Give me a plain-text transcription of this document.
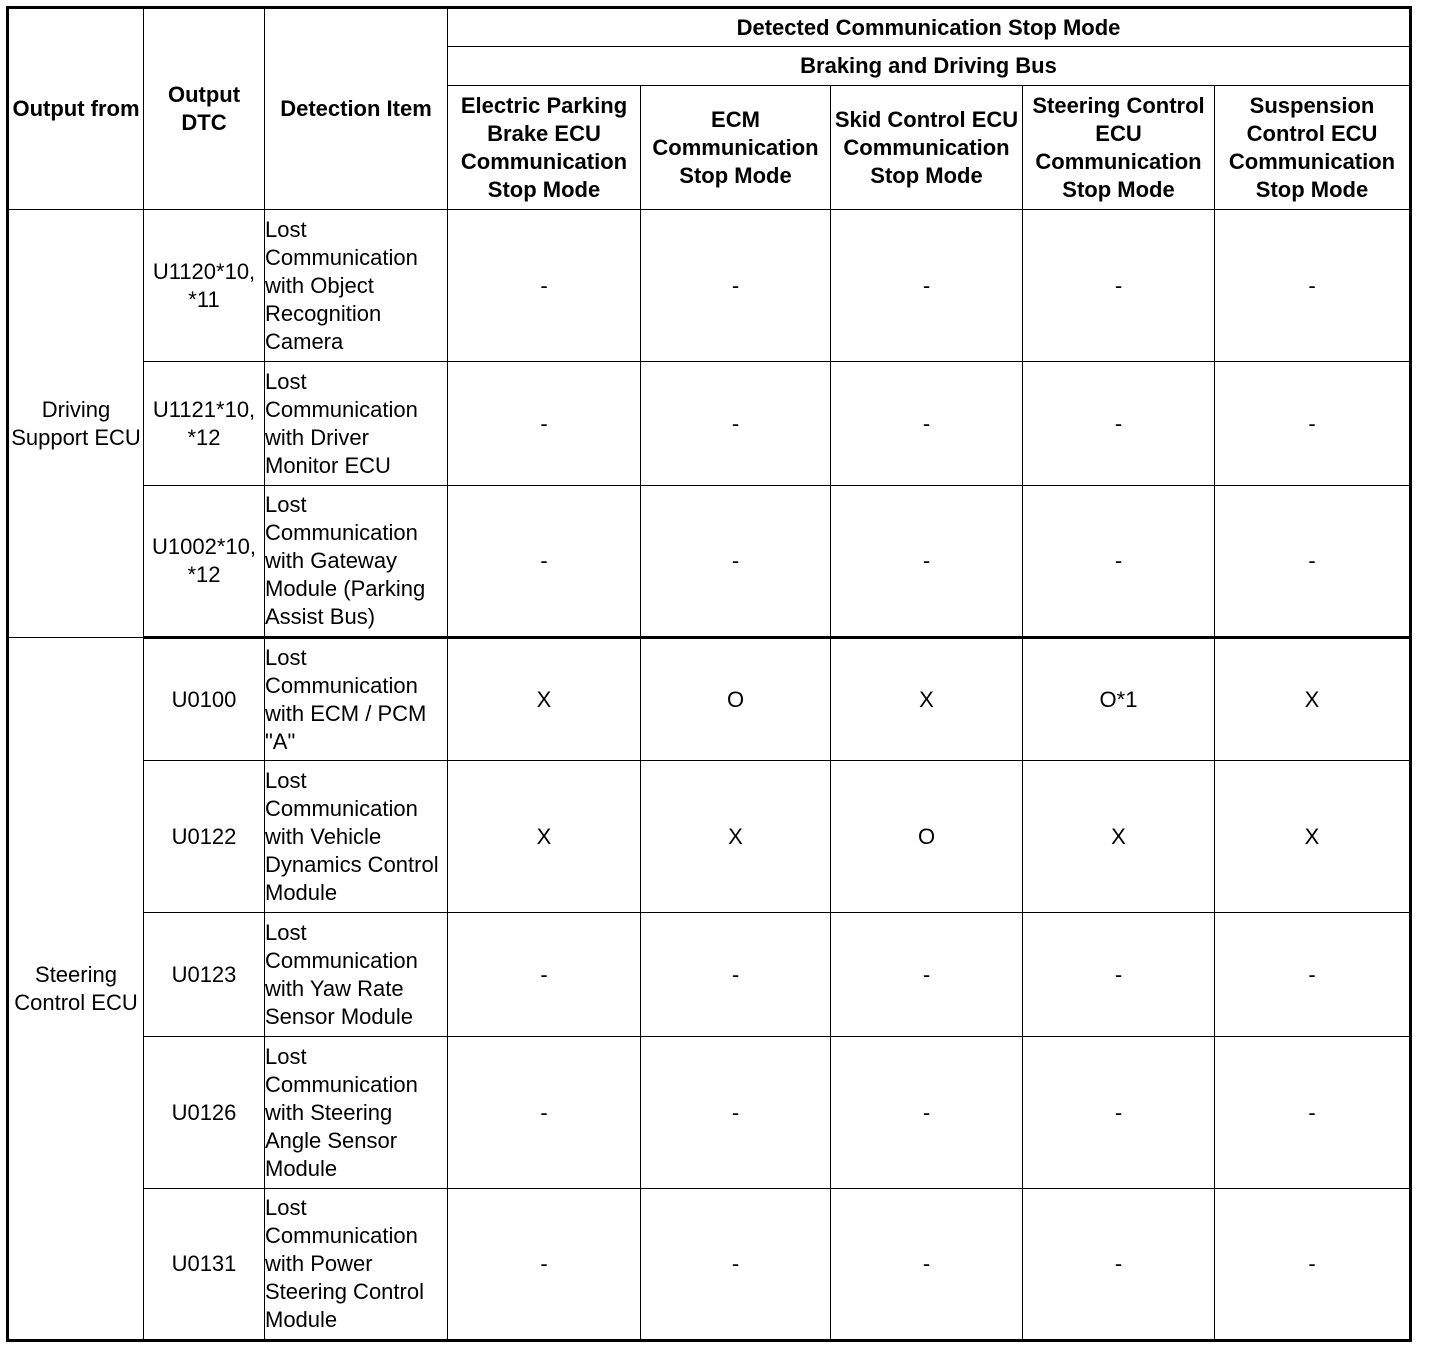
Output from	Output DTC	Detection Item	Detected Communication Stop Mode				
			Braking and Driving Bus				
			Electric Parking Brake ECU Communication Stop Mode	ECM Communication Stop Mode	Skid Control ECU Communication Stop Mode	Steering Control ECU Communication Stop Mode	Suspension Control ECU Communication Stop Mode
Driving Support ECU	U1120*10, *11	Lost Communication with Object Recognition Camera	-	-	-	-	-
	U1121*10, *12	Lost Communication with Driver Monitor ECU	-	-	-	-	-
	U1002*10, *12	Lost Communication with Gateway Module (Parking Assist Bus)	-	-	-	-	-
Steering Control ECU	U0100	Lost Communication with ECM / PCM "A"	X	O	X	O*1	X
	U0122	Lost Communication with Vehicle Dynamics Control Module	X	X	O	X	X
	U0123	Lost Communication with Yaw Rate Sensor Module	-	-	-	-	-
	U0126	Lost Communication with Steering Angle Sensor Module	-	-	-	-	-
	U0131	Lost Communication with Power Steering Control Module	-	-	-	-	-
